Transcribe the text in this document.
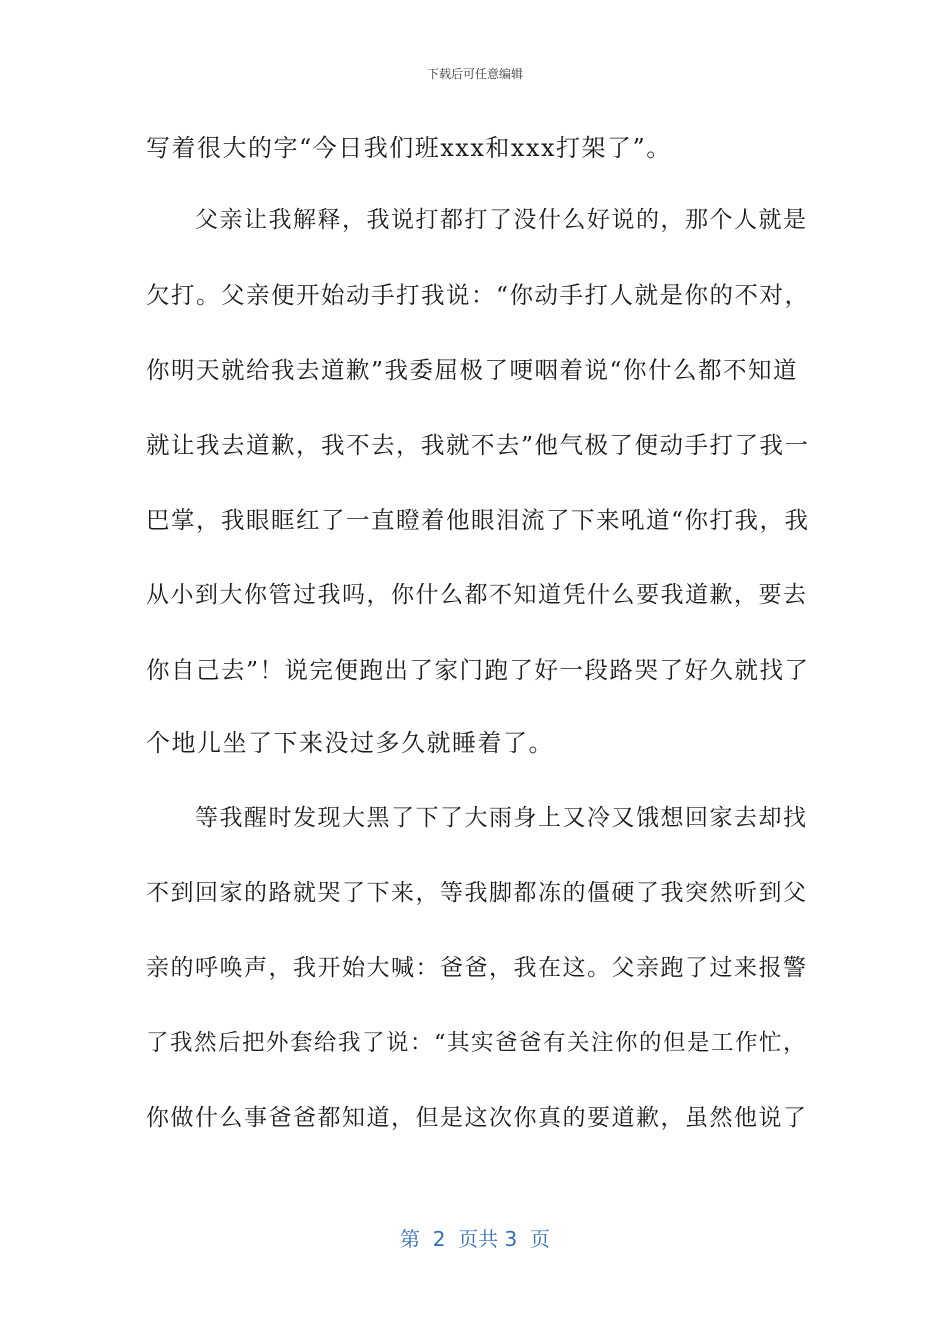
下载后可任意编辑
写着很大的字“今日我们班xxx和xxx打架了”。
　　父亲让我解释，我说打都打了没什么好说的，那个人就是
欠打。父亲便开始动手打我说：“你动手打人就是你的不对，
你明天就给我去道歉”我委屈极了哽咽着说“你什么都不知道
就让我去道歉，我不去，我就不去”他气极了便动手打了我一
巴掌，我眼眶红了一直瞪着他眼泪流了下来吼道“你打我，我
从小到大你管过我吗，你什么都不知道凭什么要我道歉，要去
你自己去”！说完便跑出了家门跑了好一段路哭了好久就找了
个地儿坐了下来没过多久就睡着了。
　　等我醒时发现大黑了下了大雨身上又冷又饿想回家去却找
不到回家的路就哭了下来，等我脚都冻的僵硬了我突然听到父
亲的呼唤声，我开始大喊：爸爸，我在这。父亲跑了过来报警
了我然后把外套给我了说：“其实爸爸有关注你的但是工作忙，
你做什么事爸爸都知道，但是这次你真的要道歉，虽然他说了
第  2  页共 3  页
